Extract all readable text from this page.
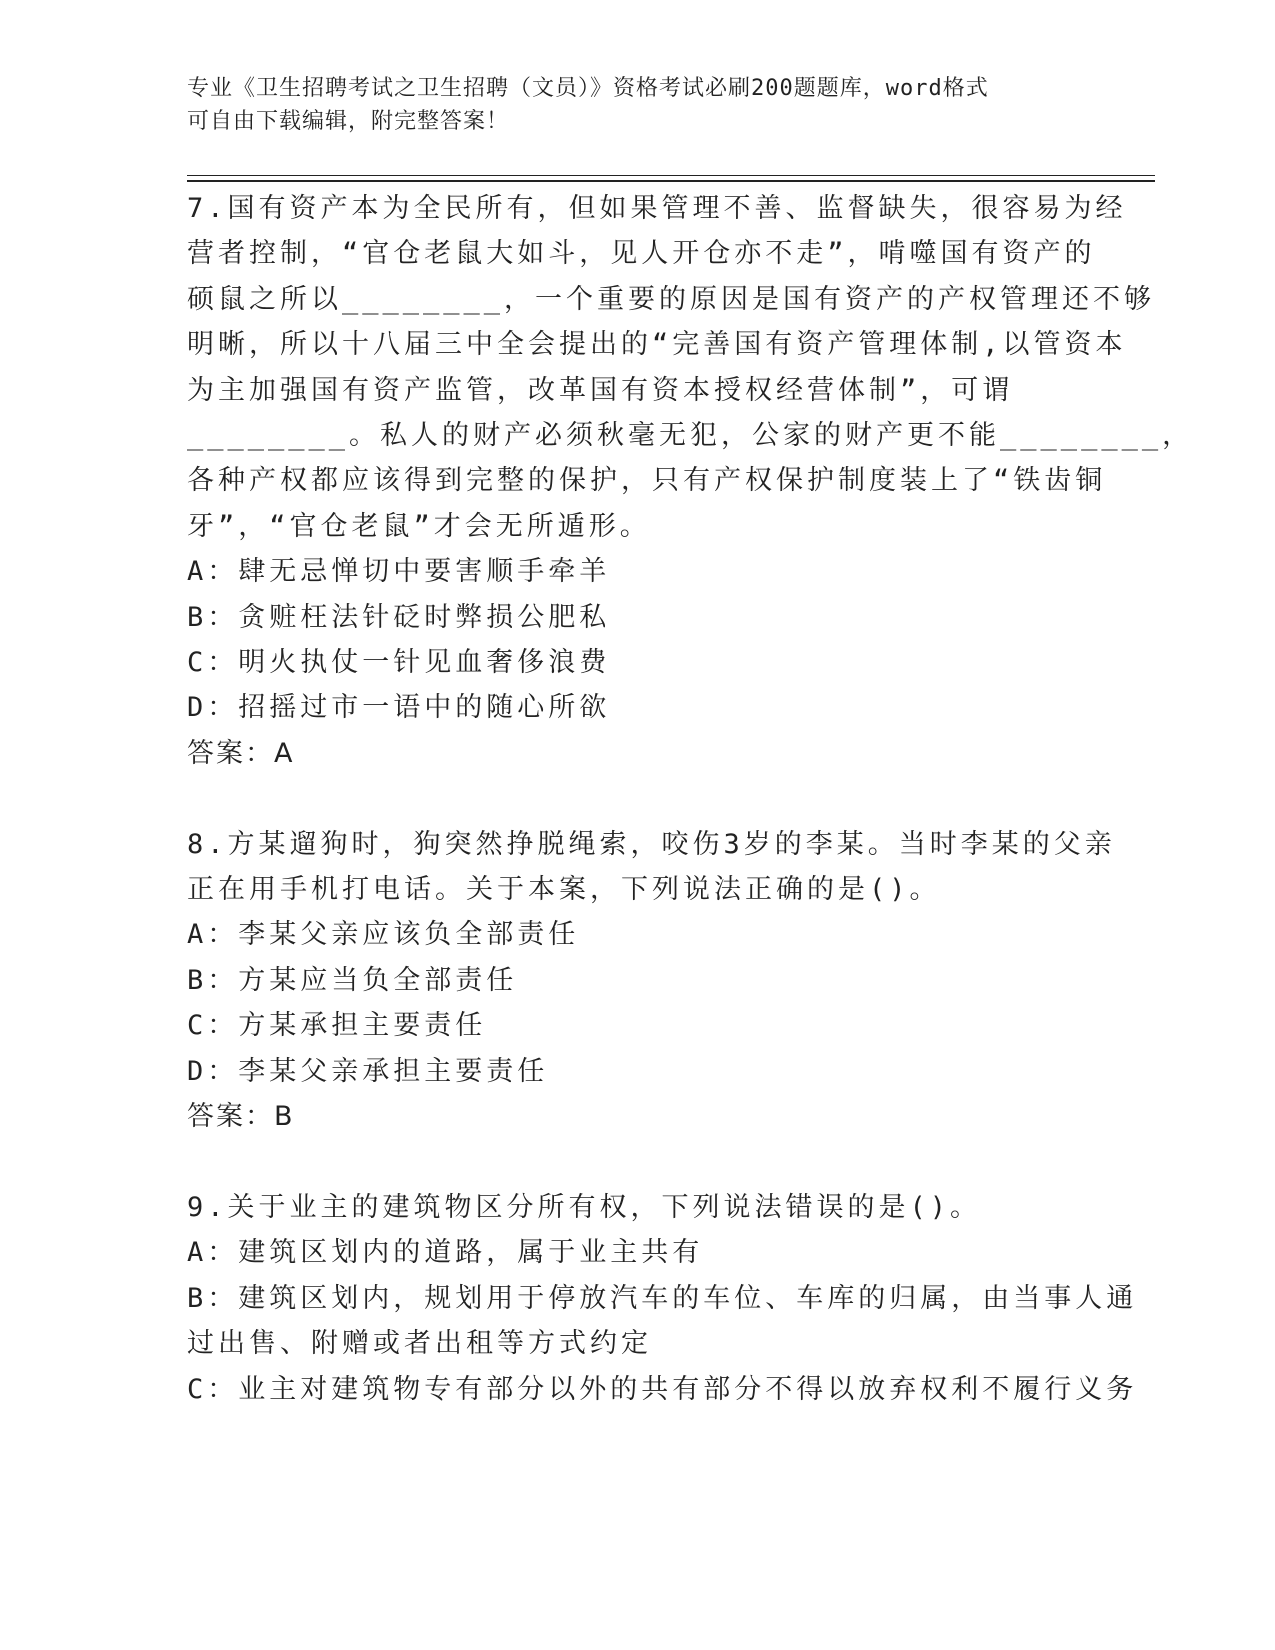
专业《卫生招聘考试之卫生招聘（文员）》资格考试必刷200题题库，word格式

可自由下载编辑，附完整答案！

7.国有资产本为全民所有，但如果管理不善、监督缺失，很容易为经

营者控制，“官仓老鼠大如斗，见人开仓亦不走”，啃噬国有资产的

硕鼠之所以________，一个重要的原因是国有资产的产权管理还不够

明晰，所以十八届三中全会提出的“完善国有资产管理体制,以管资本

为主加强国有资产监管，改革国有资本授权经营体制”，可谓

________。私人的财产必须秋毫无犯，公家的财产更不能________，

各种产权都应该得到完整的保护，只有产权保护制度装上了“铁齿铜

牙”，“官仓老鼠”才会无所遁形。

A：肆无忌惮切中要害顺手牵羊

B：贪赃枉法针砭时弊损公肥私

C：明火执仗一针见血奢侈浪费

D：招摇过市一语中的随心所欲

答案：A

8.方某遛狗时，狗突然挣脱绳索，咬伤3岁的李某。当时李某的父亲

正在用手机打电话。关于本案，下列说法正确的是()。

A：李某父亲应该负全部责任

B：方某应当负全部责任

C：方某承担主要责任

D：李某父亲承担主要责任

答案：B

9.关于业主的建筑物区分所有权，下列说法错误的是()。

A：建筑区划内的道路，属于业主共有

B：建筑区划内，规划用于停放汽车的车位、车库的归属，由当事人通

过出售、附赠或者出租等方式约定

C：业主对建筑物专有部分以外的共有部分不得以放弃权利不履行义务
